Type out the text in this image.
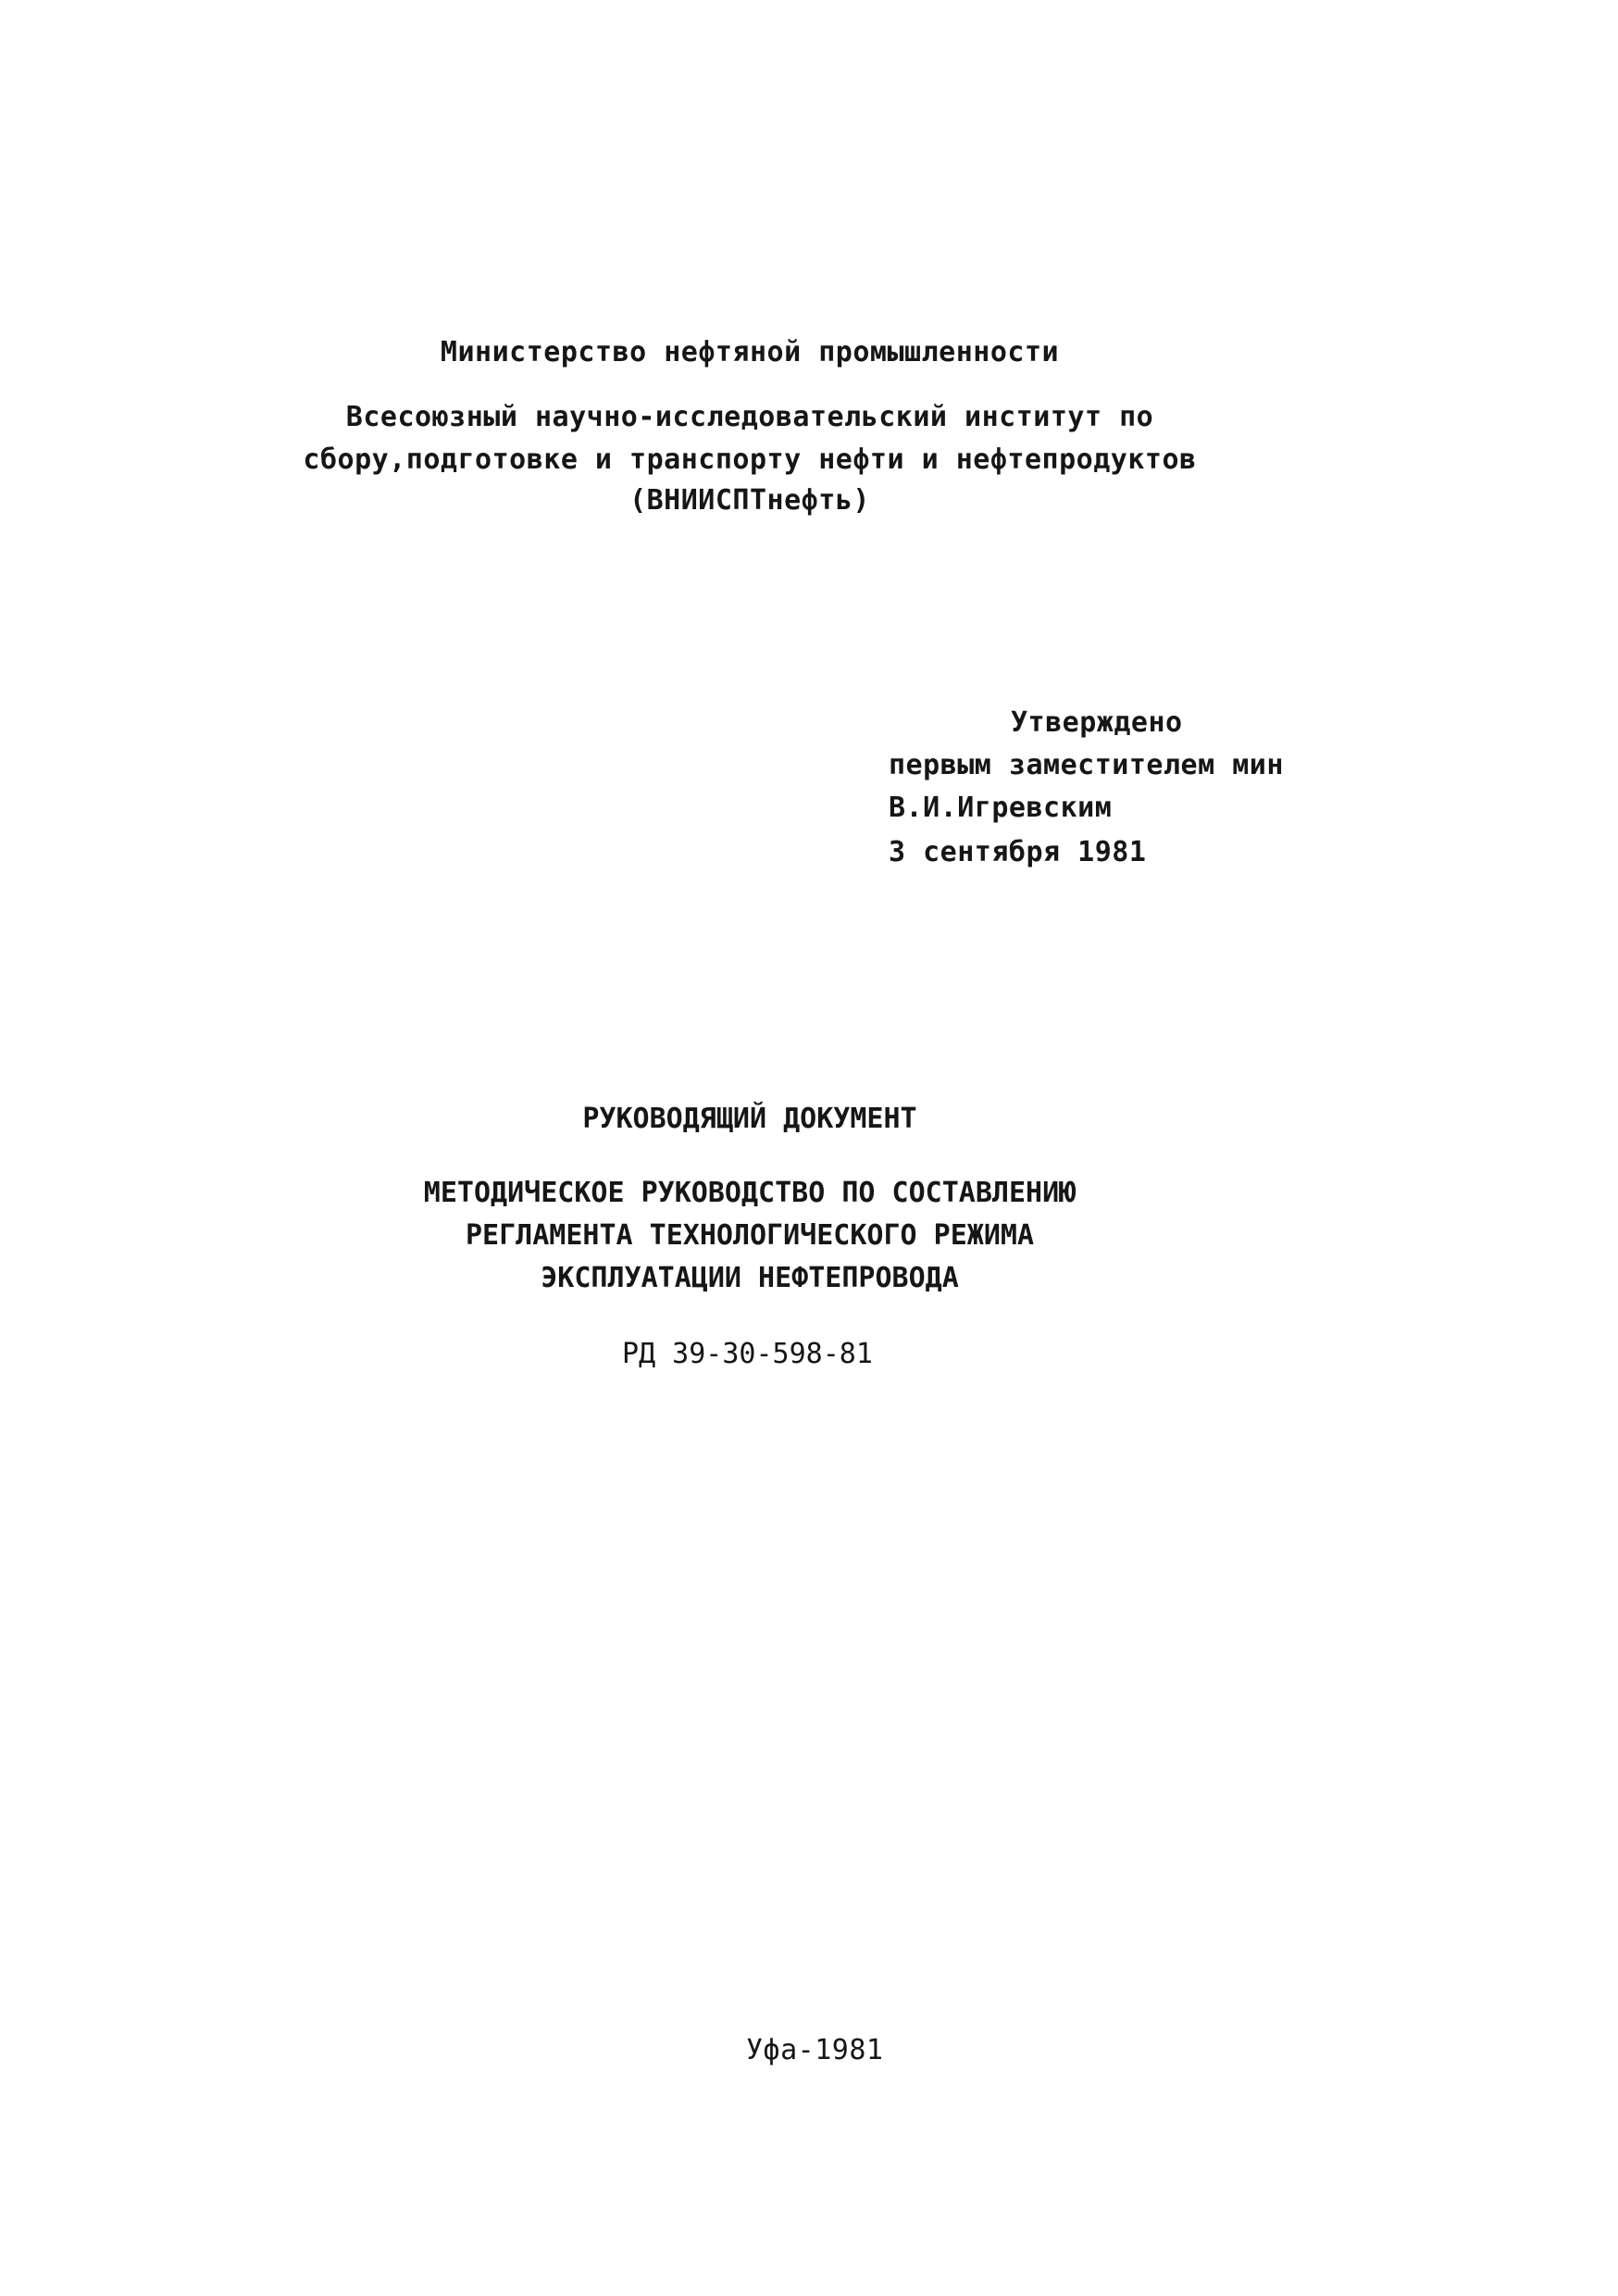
Министерство нефтяной промышленности
Всесоюзный научно-исследовательский институт по
сбору,подготовке и транспорту нефти и нефтепродуктов
(ВНИИСПТнефть)
Утверждено
первым заместителем мин
В.И.Игревским
3 сентября 1981
РУКОВОДЯЩИЙ ДОКУМЕНТ
МЕТОДИЧЕСКОЕ РУКОВОДСТВО ПО СОСТАВЛЕНИЮ
РЕГЛАМЕНТА ТЕХНОЛОГИЧЕСКОГО РЕЖИМА
ЭКСПЛУАТАЦИИ НЕФТЕПРОВОДА
РД 39-30-598-81
Уфа-1981
